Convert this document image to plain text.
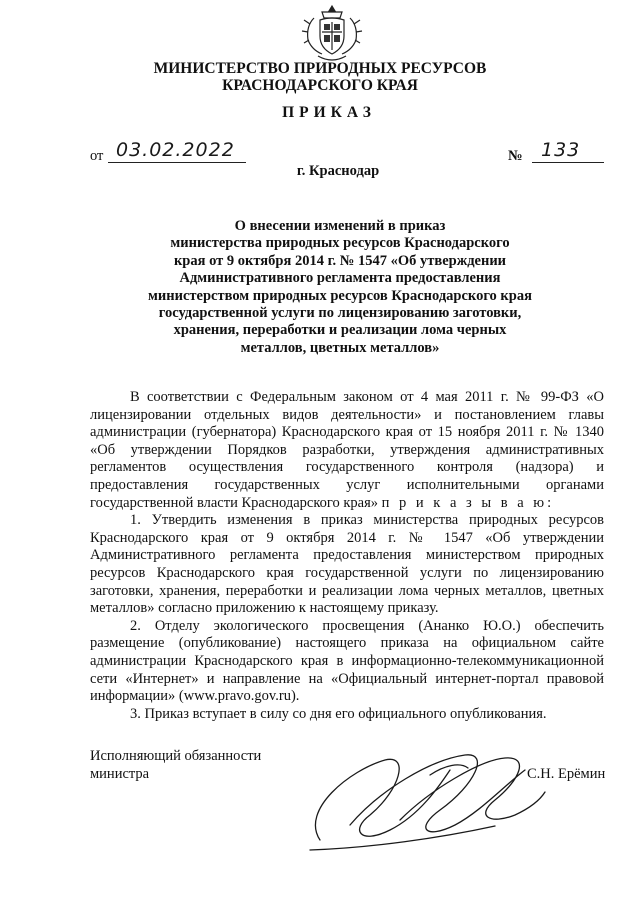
МИНИСТЕРСТВО ПРИРОДНЫХ РЕСУРСОВ
КРАСНОДАРСКОГО КРАЯ
ПРИКАЗ
от 03.02.2022	№ 133
г. Краснодар
О внесении изменений в приказ
министерства природных ресурсов Краснодарского
края от 9 октября 2014 г. № 1547 «Об утверждении
Административного регламента предоставления
министерством природных ресурсов Краснодарского края
государственной услуги по лицензированию заготовки,
хранения, переработки и реализации лома черных
металлов, цветных металлов»

В соответствии с Федеральным законом от 4 мая 2011 г. № 99-ФЗ «О лицензировании отдельных видов деятельности» и постановлением главы администрации (губернатора) Краснодарского края от 15 ноября 2011 г. № 1340 «Об утверждении Порядков разработки, утверждения административных регламентов осуществления государственного контроля (надзора) и предоставления государственных услуг исполнительными органами государственной власти Краснодарского края» п р и к а з ы в а ю:

1. Утвердить изменения в приказ министерства природных ресурсов Краснодарского края от 9 октября 2014 г. № 1547 «Об утверждении Административного регламента предоставления министерством природных ресурсов Краснодарского края государственной услуги по лицензированию заготовки, хранения, переработки и реализации лома черных металлов, цветных металлов» согласно приложению к настоящему приказу.

2. Отделу экологического просвещения (Ананко Ю.О.) обеспечить размещение (опубликование) настоящего приказа на официальном сайте администрации Краснодарского края в информационно-телекоммуникационной сети «Интернет» и направление на «Официальный интернет-портал правовой информации» (www.pravo.gov.ru).

3. Приказ вступает в силу со дня его официального опубликования.

Исполняющий обязанности
министра	С.Н. Ерёмин
